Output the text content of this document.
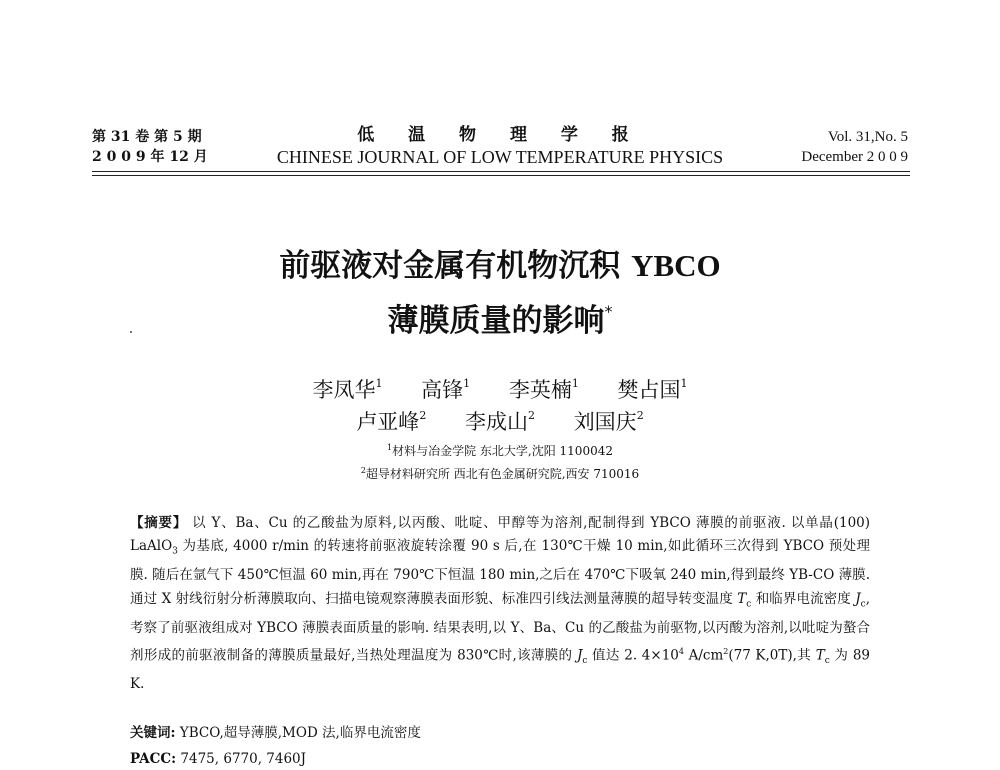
第 31 卷 第 5 期
2 0 0 9 年 12 月
低 温 物 理 学 报
CHINESE JOURNAL OF LOW TEMPERATURE PHYSICS
Vol. 31,No. 5
December 2 0 0 9
前驱液对金属有机物沉积 YBCO
薄膜质量的影响*
李凤华$^1$ 高锋$^1$ 李英楠$^1$ 樊占国$^1$
卢亚峰$^2$ 李成山$^2$ 刘国庆$^2$
$^1$材料与冶金学院 东北大学,沈阳 1100042
$^2$超导材料研究所 西北有色金属研究院,西安 710016
【摘要】 以 Y、Ba、Cu 的乙酸盐为原料,以丙酸、吡啶、甲醇等为溶剂,配制得到 YBCO 薄膜的前驱液. 以单晶(100) LaAlO$_3$ 为基底, 4000 r/min 的转速将前驱液旋转涂覆 90 s 后,在 130℃干燥 10 min,如此循环三次得到 YBCO 预处理膜. 随后在氩气下 450℃恒温 60 min,再在 790℃下恒温 180 min,之后在 470℃下吸氧 240 min,得到最终 YB-CO 薄膜. 通过 X 射线衍射分析薄膜取向、扫描电镜观察薄膜表面形貌、标准四引线法测量薄膜的超导转变温度 $T_c$ 和临界电流密度 $J_c$,考察了前驱液组成对 YBCO 薄膜表面质量的影响. 结果表明,以 Y、Ba、Cu 的乙酸盐为前驱物,以丙酸为溶剂,以吡啶为螯合剂形成的前驱液制备的薄膜质量最好,当热处理温度为 830℃时,该薄膜的 $J_c$ 值达 2. $4\times 10^4$ $A/cm^2(77$ K,0T),其 $T_c$ 为 89 K.
关键词: YBCO,超导薄膜,MOD 法,临界电流密度
PACC: 7475, 6770, 7460J
